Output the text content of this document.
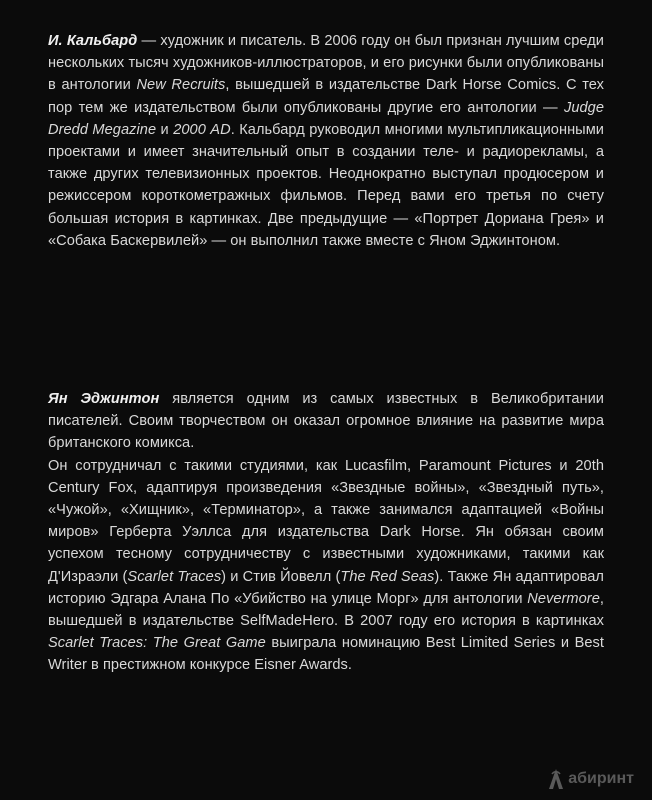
И. Кальбард — художник и писатель. В 2006 году он был признан лучшим среди нескольких тысяч художников-иллюстраторов, и его рисунки были опубликованы в антологии New Recruits, вышедшей в издательстве Dark Horse Comics. С тех пор тем же издательством были опубликованы другие его антологии — Judge Dredd Megazine и 2000 AD. Кальбард руководил многими мультипликационными проектами и имеет значительный опыт в создании теле- и радиорекламы, а также других телевизионных проектов. Неоднократно выступал продюсером и режиссером короткометражных фильмов. Перед вами его третья по счету большая история в картинках. Две предыдущие — «Портрет Дориана Грея» и «Собака Баскервилей» — он выполнил также вместе с Яном Эджинтоном.

Ян Эджинтон является одним из самых известных в Великобритании писателей. Своим творчеством он оказал огромное влияние на развитие мира британского комикса.

Он сотрудничал с такими студиями, как Lucasfilm, Paramount Pictures и 20th Century Fox, адаптируя произведения «Звездные войны», «Звездный путь», «Чужой», «Хищник», «Терминатор», а также занимался адаптацией «Войны миров» Герберта Уэллса для издательства Dark Horse. Ян обязан своим успехом тесному сотрудничеству с известными художниками, такими как Д'Израэли (Scarlet Traces) и Стив Йовелл (The Red Seas). Также Ян адаптировал историю Эдгара Алана По «Убийство на улице Морг» для антологии Nevermore, вышедшей в издательстве SelfMadeHero. В 2007 году его история в картинках Scarlet Traces: The Great Game выиграла номинацию Best Limited Series и Best Writer в престижном конкурсе Eisner Awards.

абиринт
